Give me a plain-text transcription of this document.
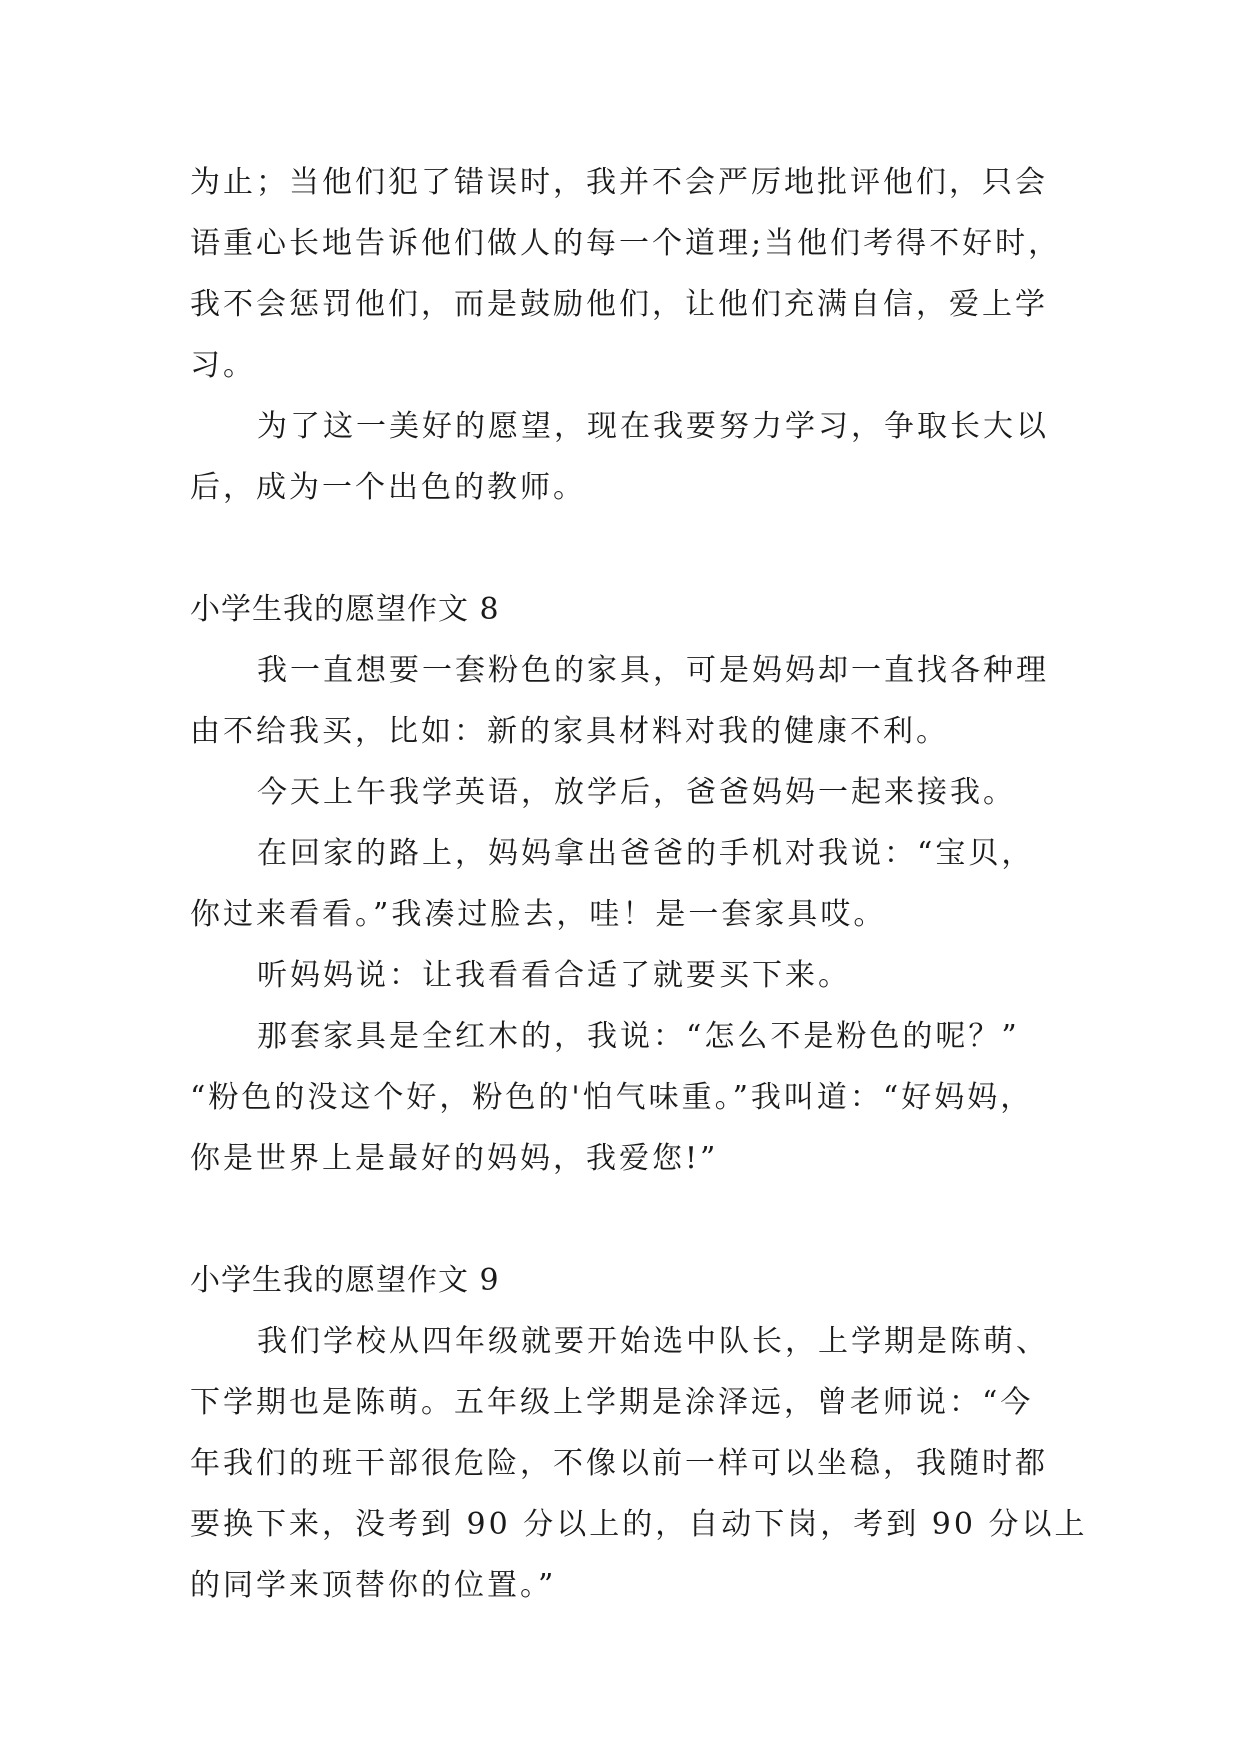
为止；当他们犯了错误时，我并不会严厉地批评他们，只会
语重心长地告诉他们做人的每一个道理;当他们考得不好时，
我不会惩罚他们，而是鼓励他们，让他们充满自信，爱上学
习。
为了这一美好的愿望，现在我要努力学习，争取长大以
后，成为一个出色的教师。
小学生我的愿望作文 8
我一直想要一套粉色的家具，可是妈妈却一直找各种理
由不给我买，比如：新的家具材料对我的健康不利。
今天上午我学英语，放学后，爸爸妈妈一起来接我。
在回家的路上，妈妈拿出爸爸的手机对我说：“宝贝，
你过来看看。”我凑过脸去，哇！是一套家具哎。
听妈妈说：让我看看合适了就要买下来。
那套家具是全红木的，我说：“怎么不是粉色的呢？”
“粉色的没这个好，粉色的'怕气味重。”我叫道：“好妈妈，
你是世界上是最好的妈妈，我爱您!”
小学生我的愿望作文 9
我们学校从四年级就要开始选中队长，上学期是陈萌、
下学期也是陈萌。五年级上学期是涂泽远，曾老师说：“今
年我们的班干部很危险，不像以前一样可以坐稳，我随时都
要换下来，没考到 90 分以上的，自动下岗，考到 90 分以上
的同学来顶替你的位置。”
